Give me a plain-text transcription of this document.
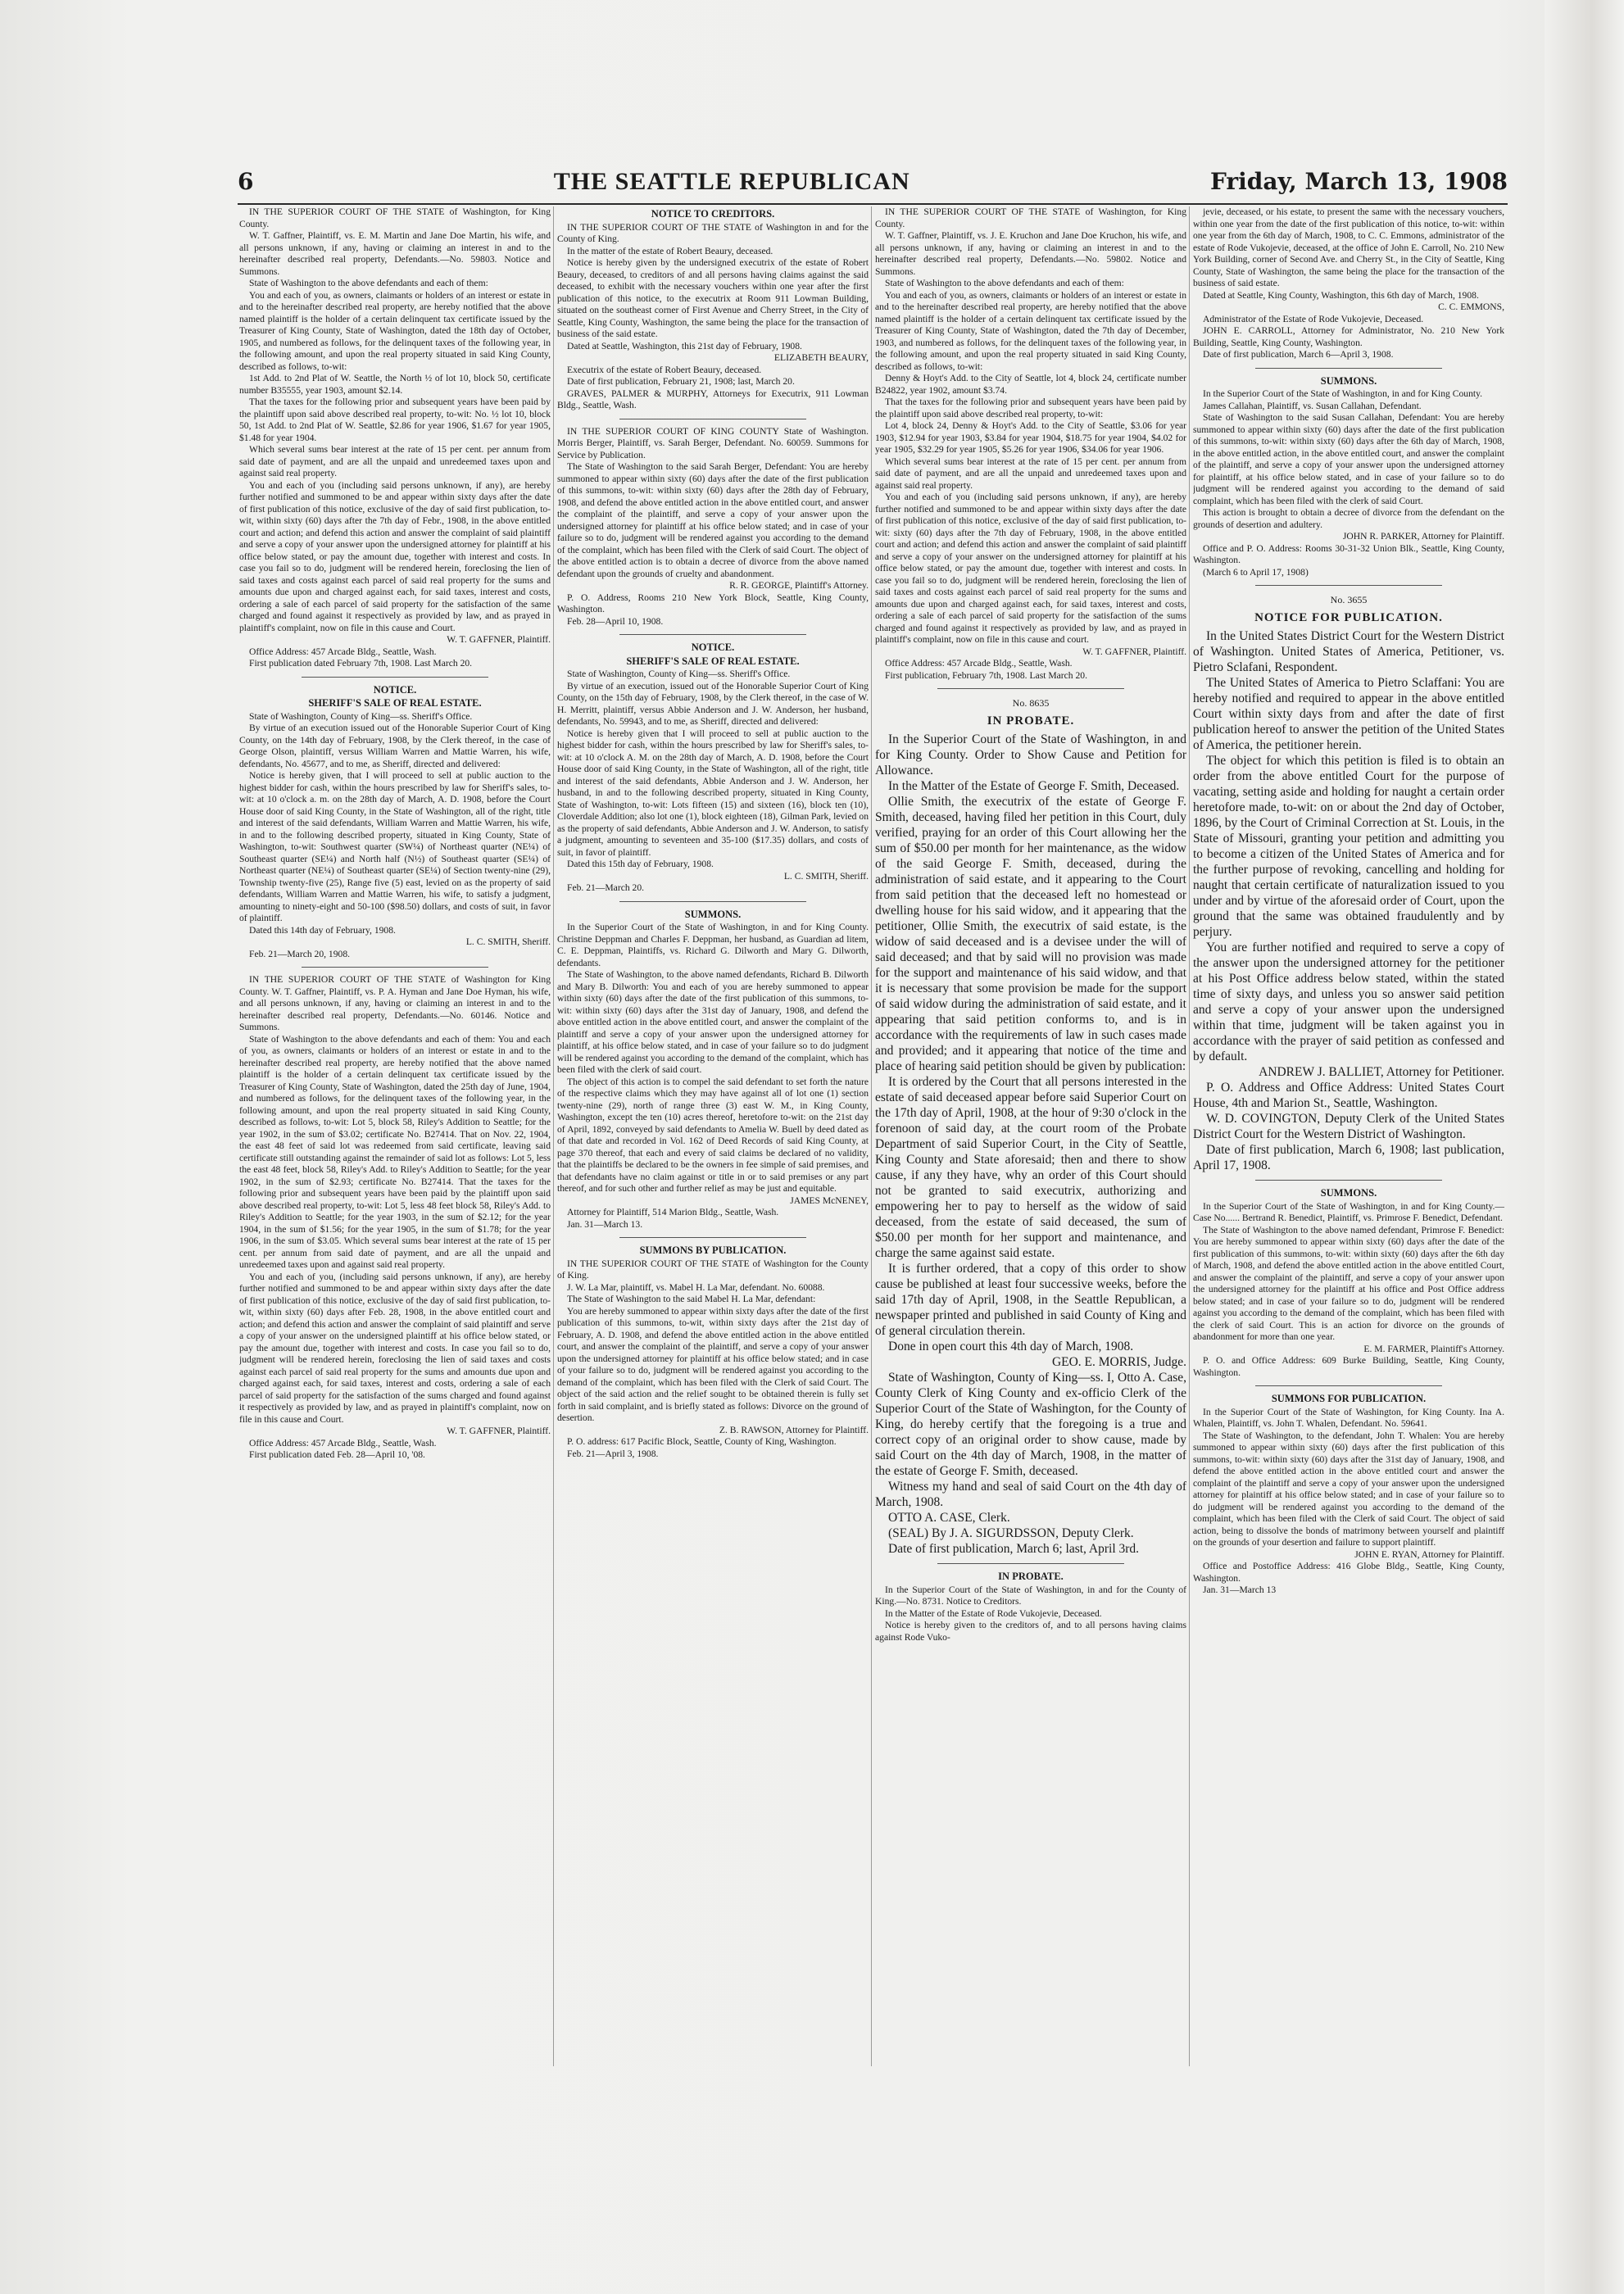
6	THE SEATTLE REPUBLICAN	Friday, March 13, 1908

IN THE SUPERIOR COURT OF THE STATE of Washington, for King County.

W. T. Gaffner, Plaintiff, vs. E. M. Martin and Jane Doe Martin, his wife, and all persons unknown, if any, having or claiming an interest in and to the hereinafter described real property, Defendants.—No. 59803. Notice and Summons.

State of Washington to the above defendants and each of them:

You and each of you, as owners, claimants or holders of an interest or estate in and to the hereinafter described real property, are hereby notified that the above named plaintiff is the holder of a certain delinquent tax certificate issued by the Treasurer of King County, State of Washington, dated the 18th day of October, 1905, and numbered as follows, for the delinquent taxes of the following year, in the following amount, and upon the real property situated in said King County, described as follows, to-wit:

1st Add. to 2nd Plat of W. Seattle, the North ½ of lot 10, block 50, certificate number B35555, year 1903, amount $2.14.

That the taxes for the following prior and subsequent years have been paid by the plaintiff upon said above described real property, to-wit: No. ½ lot 10, block 50, 1st Add. to 2nd Plat of W. Seattle, $2.86 for year 1906, $1.67 for year 1905, $1.48 for year 1904.

Which several sums bear interest at the rate of 15 per cent. per annum from said date of payment, and are all the unpaid and unredeemed taxes upon and against said real property.

You and each of you (including said persons unknown, if any), are hereby further notified and summoned to be and appear within sixty days after the date of first publication of this notice, exclusive of the day of said first publication, to-wit, within sixty (60) days after the 7th day of Febr., 1908, in the above entitled court and action; and defend this action and answer the complaint of said plaintiff and serve a copy of your answer upon the undersigned attorney for plaintiff at his office below stated, or pay the amount due, together with interest and costs. In case you fail so to do, judgment will be rendered herein, foreclosing the lien of said taxes and costs against each parcel of said real property for the sums and amounts due upon and charged against each, for said taxes, interest and costs, ordering a sale of each parcel of said property for the satisfaction of the same charged and found against it respectively as provided by law, and as prayed in plaintiff's complaint, now on file in this cause and Court.

W. T. GAFFNER, Plaintiff.

Office Address: 457 Arcade Bldg., Seattle, Wash.

First publication dated February 7th, 1908. Last March 20.

NOTICE.
SHERIFF'S SALE OF REAL ESTATE.

State of Washington, County of King—ss. Sheriff's Office.

By virtue of an execution issued out of the Honorable Superior Court of King County, on the 14th day of February, 1908, by the Clerk thereof, in the case of George Olson, plaintiff, versus William Warren and Mattie Warren, his wife, defendants, No. 45677, and to me, as Sheriff, directed and delivered:

Notice is hereby given, that I will proceed to sell at public auction to the highest bidder for cash, within the hours prescribed by law for Sheriff's sales, to-wit: at 10 o'clock a. m. on the 28th day of March, A. D. 1908, before the Court House door of said King County, in the State of Washington, all of the right, title and interest of the said defendants, William Warren and Mattie Warren, his wife, in and to the following described property, situated in King County, State of Washington, to-wit: Southwest quarter (SW¼) of Northeast quarter (NE¼) of Southeast quarter (SE¼) and North half (N½) of Southeast quarter (SE¼) of Northeast quarter (NE¼) of Southeast quarter (SE¼) of Section twenty-nine (29), Township twenty-five (25), Range five (5) east, levied on as the property of said defendants, William Warren and Mattie Warren, his wife, to satisfy a judgment, amounting to ninety-eight and 50-100 ($98.50) dollars, and costs of suit, in favor of plaintiff.

Dated this 14th day of February, 1908.

L. C. SMITH, Sheriff.

Feb. 21—March 20, 1908.

IN THE SUPERIOR COURT OF THE STATE of Washington for King County. W. T. Gaffner, Plaintiff, vs. P. A. Hyman and Jane Doe Hyman, his wife, and all persons unknown, if any, having or claiming an interest in and to the hereinafter described real property, Defendants.—No. 60146. Notice and Summons.

State of Washington to the above defendants and each of them: You and each of you, as owners, claimants or holders of an interest or estate in and to the hereinafter described real property, are hereby notified that the above named plaintiff is the holder of a certain delinquent tax certificate issued by the Treasurer of King County, State of Washington, dated the 25th day of June, 1904, and numbered as follows, for the delinquent taxes of the following year, in the following amount, and upon the real property situated in said King County, described as follows, to-wit: Lot 5, block 58, Riley's Addition to Seattle; for the year 1902, in the sum of $3.02; certificate No. B27414. That on Nov. 22, 1904, the east 48 feet of said lot was redeemed from said certificate, leaving said certificate still outstanding against the remainder of said lot as follows: Lot 5, less the east 48 feet, block 58, Riley's Add. to Riley's Addition to Seattle; for the year 1902, in the sum of $2.93; certificate No. B27414. That the taxes for the following prior and subsequent years have been paid by the plaintiff upon said above described real property, to-wit: Lot 5, less 48 feet block 58, Riley's Add. to Riley's Addition to Seattle; for the year 1903, in the sum of $2.12; for the year 1904, in the sum of $1.56; for the year 1905, in the sum of $1.78; for the year 1906, in the sum of $3.05. Which several sums bear interest at the rate of 15 per cent. per annum from said date of payment, and are all the unpaid and unredeemed taxes upon and against said real property.

You and each of you, (including said persons unknown, if any), are hereby further notified and summoned to be and appear within sixty days after the date of first publication of this notice, exclusive of the day of said first publication, to-wit, within sixty (60) days after Feb. 28, 1908, in the above entitled court and action; and defend this action and answer the complaint of said plaintiff and serve a copy of your answer on the undersigned plaintiff at his office below stated, or pay the amount due, together with interest and costs. In case you fail so to do, judgment will be rendered herein, foreclosing the lien of said taxes and costs against each parcel of said real property for the sums and amounts due upon and charged against each, for said taxes, interest and costs, ordering a sale of each parcel of said property for the satisfaction of the sums charged and found against it respectively as provided by law, and as prayed in plaintiff's complaint, now on file in this cause and Court.

W. T. GAFFNER, Plaintiff.

Office Address: 457 Arcade Bldg., Seattle, Wash.

First publication dated Feb. 28—April 10, '08.

NOTICE TO CREDITORS.

IN THE SUPERIOR COURT OF THE STATE of Washington in and for the County of King.

In the matter of the estate of Robert Beaury, deceased.

Notice is hereby given by the undersigned executrix of the estate of Robert Beaury, deceased, to creditors of and all persons having claims against the said deceased, to exhibit with the necessary vouchers within one year after the first publication of this notice, to the executrix at Room 911 Lowman Building, situated on the southeast corner of First Avenue and Cherry Street, in the City of Seattle, King County, Washington, the same being the place for the transaction of business of the said estate.

Dated at Seattle, Washington, this 21st day of February, 1908.

ELIZABETH BEAURY,

Executrix of the estate of Robert Beaury, deceased.

Date of first publication, February 21, 1908; last, March 20.

GRAVES, PALMER & MURPHY, Attorneys for Executrix, 911 Lowman Bldg., Seattle, Wash.

IN THE SUPERIOR COURT OF KING COUNTY State of Washington. Morris Berger, Plaintiff, vs. Sarah Berger, Defendant. No. 60059. Summons for Service by Publication.

The State of Washington to the said Sarah Berger, Defendant: You are hereby summoned to appear within sixty (60) days after the date of the first publication of this summons, to-wit: within sixty (60) days after the 28th day of February, 1908, and defend the above entitled action in the above entitled court, and answer the complaint of the plaintiff, and serve a copy of your answer upon the undersigned attorney for plaintiff at his office below stated; and in case of your failure so to do, judgment will be rendered against you according to the demand of the complaint, which has been filed with the Clerk of said Court. The object of the above entitled action is to obtain a decree of divorce from the above named defendant upon the grounds of cruelty and abandonment.

R. R. GEORGE, Plaintiff's Attorney.

P. O. Address, Rooms 210 New York Block, Seattle, King County, Washington.

Feb. 28—April 10, 1908.

NOTICE.
SHERIFF'S SALE OF REAL ESTATE.

State of Washington, County of King—ss. Sheriff's Office.

By virtue of an execution, issued out of the Honorable Superior Court of King County, on the 15th day of February, 1908, by the Clerk thereof, in the case of W. H. Merritt, plaintiff, versus Abbie Anderson and J. W. Anderson, her husband, defendants, No. 59943, and to me, as Sheriff, directed and delivered:

Notice is hereby given that I will proceed to sell at public auction to the highest bidder for cash, within the hours prescribed by law for Sheriff's sales, to-wit: at 10 o'clock A. M. on the 28th day of March, A. D. 1908, before the Court House door of said King County, in the State of Washington, all of the right, title and interest of the said defendants, Abbie Anderson and J. W. Anderson, her husband, in and to the following described property, situated in King County, State of Washington, to-wit: Lots fifteen (15) and sixteen (16), block ten (10), Cloverdale Addition; also lot one (1), block eighteen (18), Gilman Park, levied on as the property of said defendants, Abbie Anderson and J. W. Anderson, to satisfy a judgment, amounting to seventeen and 35-100 ($17.35) dollars, and costs of suit, in favor of plaintiff.

Dated this 15th day of February, 1908.

L. C. SMITH, Sheriff.

Feb. 21—March 20.

SUMMONS.

In the Superior Court of the State of Washington, in and for King County. Christine Deppman and Charles F. Deppman, her husband, as Guardian ad litem, C. E. Deppman, Plaintiffs, vs. Richard G. Dilworth and Mary G. Dilworth, defendants.

The State of Washington, to the above named defendants, Richard B. Dilworth and Mary B. Dilworth: You and each of you are hereby summoned to appear within sixty (60) days after the date of the first publication of this summons, to-wit: within sixty (60) days after the 31st day of January, 1908, and defend the above entitled action in the above entitled court, and answer the complaint of the plaintiff and serve a copy of your answer upon the undersigned attorney for plaintiff, at his office below stated, and in case of your failure so to do judgment will be rendered against you according to the demand of the complaint, which has been filed with the clerk of said court.

The object of this action is to compel the said defendant to set forth the nature of the respective claims which they may have against all of lot one (1) section twenty-nine (29), north of range three (3) east W. M., in King County, Washington, except the ten (10) acres thereof, heretofore to-wit: on the 21st day of April, 1892, conveyed by said defendants to Amelia W. Buell by deed dated as of that date and recorded in Vol. 162 of Deed Records of said King County, at page 370 thereof, that each and every of said claims be declared of no validity, that the plaintiffs be declared to be the owners in fee simple of said premises, and that defendants have no claim against or title in or to said premises or any part thereof, and for such other and further relief as may be just and equitable.

JAMES McNENEY,

Attorney for Plaintiff, 514 Marion Bldg., Seattle, Wash.

Jan. 31—March 13.

SUMMONS BY PUBLICATION.

IN THE SUPERIOR COURT OF THE STATE of Washington for the County of King.

J. W. La Mar, plaintiff, vs. Mabel H. La Mar, defendant. No. 60088.

The State of Washington to the said Mabel H. La Mar, defendant:

You are hereby summoned to appear within sixty days after the date of the first publication of this summons, to-wit, within sixty days after the 21st day of February, A. D. 1908, and defend the above entitled action in the above entitled court, and answer the complaint of the plaintiff, and serve a copy of your answer upon the undersigned attorney for plaintiff at his office below stated; and in case of your failure so to do, judgment will be rendered against you according to the demand of the complaint, which has been filed with the Clerk of said Court. The object of the said action and the relief sought to be obtained therein is fully set forth in said complaint, and is briefly stated as follows: Divorce on the ground of desertion.

Z. B. RAWSON, Attorney for Plaintiff.

P. O. address: 617 Pacific Block, Seattle, County of King, Washington.

Feb. 21—April 3, 1908.

IN THE SUPERIOR COURT OF THE STATE of Washington, for King County.

W. T. Gaffner, Plaintiff, vs. J. E. Kruchon and Jane Doe Kruchon, his wife, and all persons unknown, if any, having or claiming an interest in and to the hereinafter described real property, Defendants.—No. 59802. Notice and Summons.

State of Washington to the above defendants and each of them:

You and each of you, as owners, claimants or holders of an interest or estate in and to the hereinafter described real property, are hereby notified that the above named plaintiff is the holder of a certain delinquent tax certificate issued by the Treasurer of King County, State of Washington, dated the 7th day of December, 1903, and numbered as follows, for the delinquent taxes of the following year, in the following amount, and upon the real property situated in said King County, described as follows, to-wit:

Denny & Hoyt's Add. to the City of Seattle, lot 4, block 24, certificate number B24822, year 1902, amount $3.74.

That the taxes for the following prior and subsequent years have been paid by the plaintiff upon said above described real property, to-wit:

Lot 4, block 24, Denny & Hoyt's Add. to the City of Seattle, $3.06 for year 1903, $12.94 for year 1903, $3.84 for year 1904, $18.75 for year 1904, $4.02 for year 1905, $32.29 for year 1905, $5.26 for year 1906, $34.06 for year 1906.

Which several sums bear interest at the rate of 15 per cent. per annum from said date of payment, and are all the unpaid and unredeemed taxes upon and against said real property.

You and each of you (including said persons unknown, if any), are hereby further notified and summoned to be and appear within sixty days after the date of first publication of this notice, exclusive of the day of said first publication, to-wit: sixty (60) days after the 7th day of February, 1908, in the above entitled court and action; and defend this action and answer the complaint of said plaintiff and serve a copy of your answer on the undersigned attorney for plaintiff at his office below stated, or pay the amount due, together with interest and costs. In case you fail so to do, judgment will be rendered herein, foreclosing the lien of said taxes and costs against each parcel of said real property for the sums and amounts due upon and charged against each, for said taxes, interest and costs, ordering a sale of each parcel of said property for the satisfaction of the sums charged and found against it respectively as provided by law, and as prayed in plaintiff's complaint, now on file in this cause and court.

W. T. GAFFNER, Plaintiff.

Office Address: 457 Arcade Bldg., Seattle, Wash.

First publication, February 7th, 1908. Last March 20.

No. 8635
IN PROBATE.

In the Superior Court of the State of Washington, in and for King County. Order to Show Cause and Petition for Allowance.

In the Matter of the Estate of George F. Smith, Deceased.

Ollie Smith, the executrix of the estate of George F. Smith, deceased, having filed her petition in this Court, duly verified, praying for an order of this Court allowing her the sum of $50.00 per month for her maintenance, as the widow of the said George F. Smith, deceased, during the administration of said estate, and it appearing to the Court from said petition that the deceased left no homestead or dwelling house for his said widow, and it appearing that the petitioner, Ollie Smith, the executrix of said estate, is the widow of said deceased and is a devisee under the will of said deceased; and that by said will no provision was made for the support and maintenance of his said widow, and that it is necessary that some provision be made for the support of said widow during the administration of said estate, and it appearing that said petition conforms to, and is in accordance with the requirements of law in such cases made and provided; and it appearing that notice of the time and place of hearing said petition should be given by publication:

It is ordered by the Court that all persons interested in the estate of said deceased appear before said Superior Court on the 17th day of April, 1908, at the hour of 9:30 o'clock in the forenoon of said day, at the court room of the Probate Department of said Superior Court, in the City of Seattle, King County and State aforesaid; then and there to show cause, if any they have, why an order of this Court should not be granted to said executrix, authorizing and empowering her to pay to herself as the widow of said deceased, from the estate of said deceased, the sum of $50.00 per month for her support and maintenance, and charge the same against said estate.

It is further ordered, that a copy of this order to show cause be published at least four successive weeks, before the said 17th day of April, 1908, in the Seattle Republican, a newspaper printed and published in said County of King and of general circulation therein.

Done in open court this 4th day of March, 1908.

GEO. E. MORRIS, Judge.

State of Washington, County of King—ss. I, Otto A. Case, County Clerk of King County and ex-officio Clerk of the Superior Court of the State of Washington, for the County of King, do hereby certify that the foregoing is a true and correct copy of an original order to show cause, made by said Court on the 4th day of March, 1908, in the matter of the estate of George F. Smith, deceased.

Witness my hand and seal of said Court on the 4th day of March, 1908.

OTTO A. CASE, Clerk.

(SEAL) By J. A. SIGURDSSON, Deputy Clerk.

Date of first publication, March 6; last, April 3rd.

IN PROBATE.

In the Superior Court of the State of Washington, in and for the County of King.—No. 8731. Notice to Creditors.

In the Matter of the Estate of Rode Vukojevie, Deceased.

Notice is hereby given to the creditors of, and to all persons having claims against Rode Vuko-

jevie, deceased, or his estate, to present the same with the necessary vouchers, within one year from the date of the first publication of this notice, to-wit: within one year from the 6th day of March, 1908, to C. C. Emmons, administrator of the estate of Rode Vukojevie, deceased, at the office of John E. Carroll, No. 210 New York Building, corner of Second Ave. and Cherry St., in the City of Seattle, King County, State of Washington, the same being the place for the transaction of the business of said estate.

Dated at Seattle, King County, Washington, this 6th day of March, 1908.

C. C. EMMONS,

Administrator of the Estate of Rode Vukojevie, Deceased.

JOHN E. CARROLL, Attorney for Administrator, No. 210 New York Building, Seattle, King County, Washington.

Date of first publication, March 6—April 3, 1908.

SUMMONS.

In the Superior Court of the State of Washington, in and for King County.

James Callahan, Plaintiff, vs. Susan Callahan, Defendant.

State of Washington to the said Susan Callahan, Defendant: You are hereby summoned to appear within sixty (60) days after the date of the first publication of this summons, to-wit: within sixty (60) days after the 6th day of March, 1908, in the above entitled action, in the above entitled court, and answer the complaint of the plaintiff, and serve a copy of your answer upon the undersigned attorney for plaintiff, at his office below stated, and in case of your failure so to do judgment will be rendered against you according to the demand of said complaint, which has been filed with the clerk of said Court.

This action is brought to obtain a decree of divorce from the defendant on the grounds of desertion and adultery.

JOHN R. PARKER, Attorney for Plaintiff.

Office and P. O. Address: Rooms 30-31-32 Union Blk., Seattle, King County, Washington.

(March 6 to April 17, 1908)

No. 3655
NOTICE FOR PUBLICATION.

In the United States District Court for the Western District of Washington. United States of America, Petitioner, vs. Pietro Sclafani, Respondent.

The United States of America to Pietro Sclaffani: You are hereby notified and required to appear in the above entitled Court within sixty days from and after the date of first publication hereof to answer the petition of the United States of America, the petitioner herein.

The object for which this petition is filed is to obtain an order from the above entitled Court for the purpose of vacating, setting aside and holding for naught a certain order heretofore made, to-wit: on or about the 2nd day of October, 1896, by the Court of Criminal Correction at St. Louis, in the State of Missouri, granting your petition and admitting you to become a citizen of the United States of America and for the further purpose of revoking, cancelling and holding for naught that certain certificate of naturalization issued to you under and by virtue of the aforesaid order of Court, upon the ground that the same was obtained fraudulently and by perjury.

You are further notified and required to serve a copy of the answer upon the undersigned attorney for the petitioner at his Post Office address below stated, within the stated time of sixty days, and unless you so answer said petition and serve a copy of your answer upon the undersigned within that time, judgment will be taken against you in accordance with the prayer of said petition as confessed and by default.

ANDREW J. BALLIET, Attorney for Petitioner.

P. O. Address and Office Address: United States Court House, 4th and Marion St., Seattle, Washington.

W. D. COVINGTON, Deputy Clerk of the United States District Court for the Western District of Washington.

Date of first publication, March 6, 1908; last publication, April 17, 1908.

SUMMONS.

In the Superior Court of the State of Washington, in and for King County.—Case No...... Bertrand R. Benedict, Plaintiff, vs. Primrose F. Benedict, Defendant.

The State of Washington to the above named defendant, Primrose F. Benedict: You are hereby summoned to appear within sixty (60) days after the date of the first publication of this summons, to-wit: within sixty (60) days after the 6th day of March, 1908, and defend the above entitled action in the above entitled Court, and answer the complaint of the plaintiff, and serve a copy of your answer upon the undersigned attorney for the plaintiff at his office and Post Office address below stated; and in case of your failure so to do, judgment will be rendered against you according to the demand of the complaint, which has been filed with the clerk of said Court. This is an action for divorce on the grounds of abandonment for more than one year.

E. M. FARMER, Plaintiff's Attorney.

P. O. and Office Address: 609 Burke Building, Seattle, King County, Washington.

SUMMONS FOR PUBLICATION.

In the Superior Court of the State of Washington, for King County. Ina A. Whalen, Plaintiff, vs. John T. Whalen, Defendant. No. 59641.

The State of Washington, to the defendant, John T. Whalen: You are hereby summoned to appear within sixty (60) days after the first publication of this summons, to-wit: within sixty (60) days after the 31st day of January, 1908, and defend the above entitled action in the above entitled court and answer the complaint of the plaintiff and serve a copy of your answer upon the undersigned attorney for plaintiff at his office below stated; and in case of your failure so to do judgment will be rendered against you according to the demand of the complaint, which has been filed with the Clerk of said Court. The object of said action, being to dissolve the bonds of matrimony between yourself and plaintiff on the grounds of your desertion and failure to support plaintiff.

JOHN E. RYAN, Attorney for Plaintiff.

Office and Postoffice Address: 416 Globe Bldg., Seattle, King County, Washington.

Jan. 31—March 13
